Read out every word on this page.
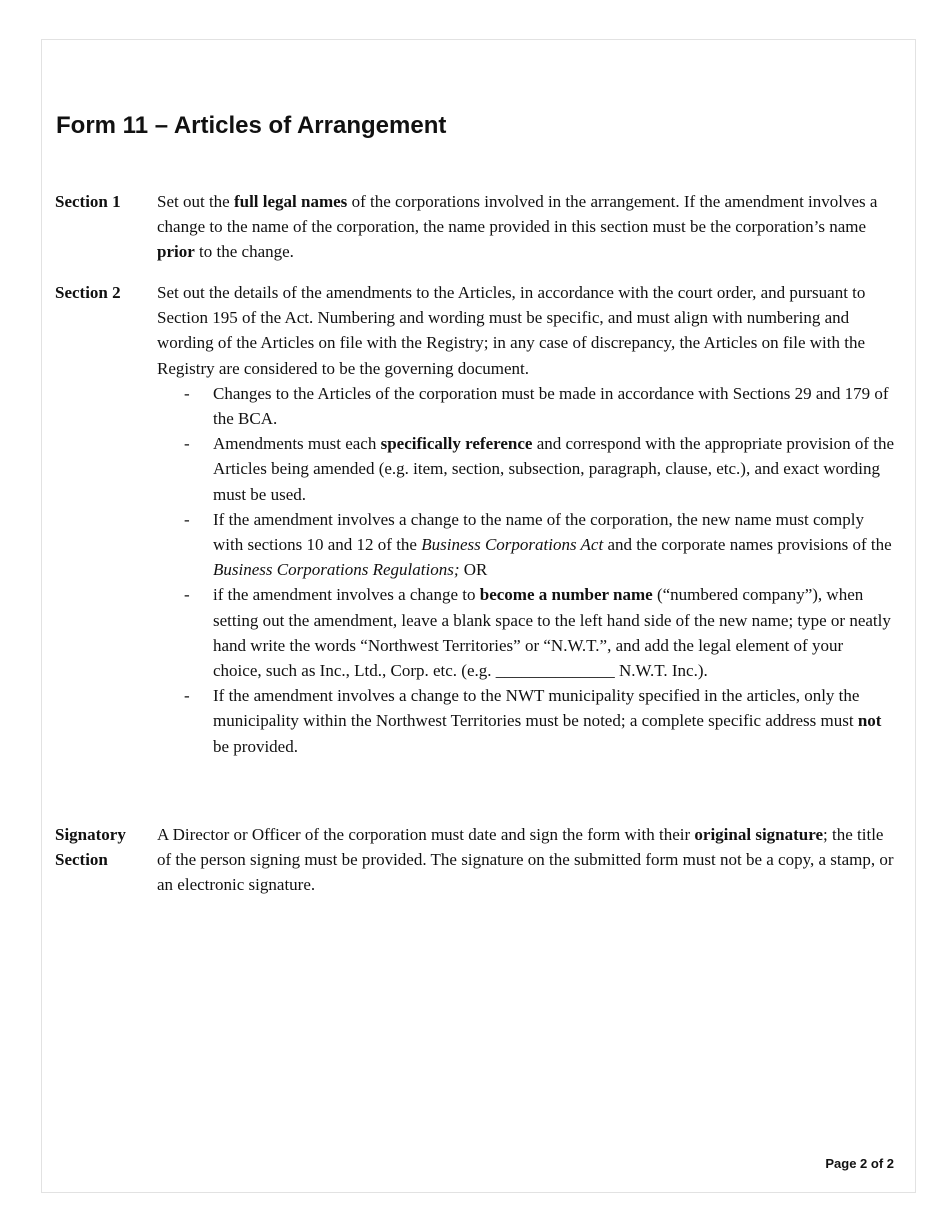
Form 11 – Articles of Arrangement
Section 1	Set out the full legal names of the corporations involved in the arrangement. If the amendment involves a change to the name of the corporation, the name provided in this section must be the corporation’s name prior to the change.

Section 2	Set out the details of the amendments to the Articles, in accordance with the court order, and pursuant to Section 195 of the Act. Numbering and wording must be specific, and must align with numbering and wording of the Articles on file with the Registry; in any case of discrepancy, the Articles on file with the Registry are considered to be the governing document.

- Changes to the Articles of the corporation must be made in accordance with Sections 29 and 179 of the BCA.
- Amendments must each specifically reference and correspond with the appropriate provision of the Articles being amended (e.g. item, section, subsection, paragraph, clause, etc.), and exact wording must be used.
- If the amendment involves a change to the name of the corporation, the new name must comply with sections 10 and 12 of the Business Corporations Act and the corporate names provisions of the Business Corporations Regulations; OR
- if the amendment involves a change to become a number name (“numbered company”), when setting out the amendment, leave a blank space to the left hand side of the new name; type or neatly hand write the words “Northwest Territories” or “N.W.T.”, and add the legal element of your choice, such as Inc., Ltd., Corp. etc. (e.g. ______________ N.W.T. Inc.).
- If the amendment involves a change to the NWT municipality specified in the articles, only the municipality within the Northwest Territories must be noted; a complete specific address must not be provided.
Signatory
Section

A Director or Officer of the corporation must date and sign the form with their original signature; the title of the person signing must be provided. The signature on the submitted form must not be a copy, a stamp, or an electronic signature.

Page 2 of 2
